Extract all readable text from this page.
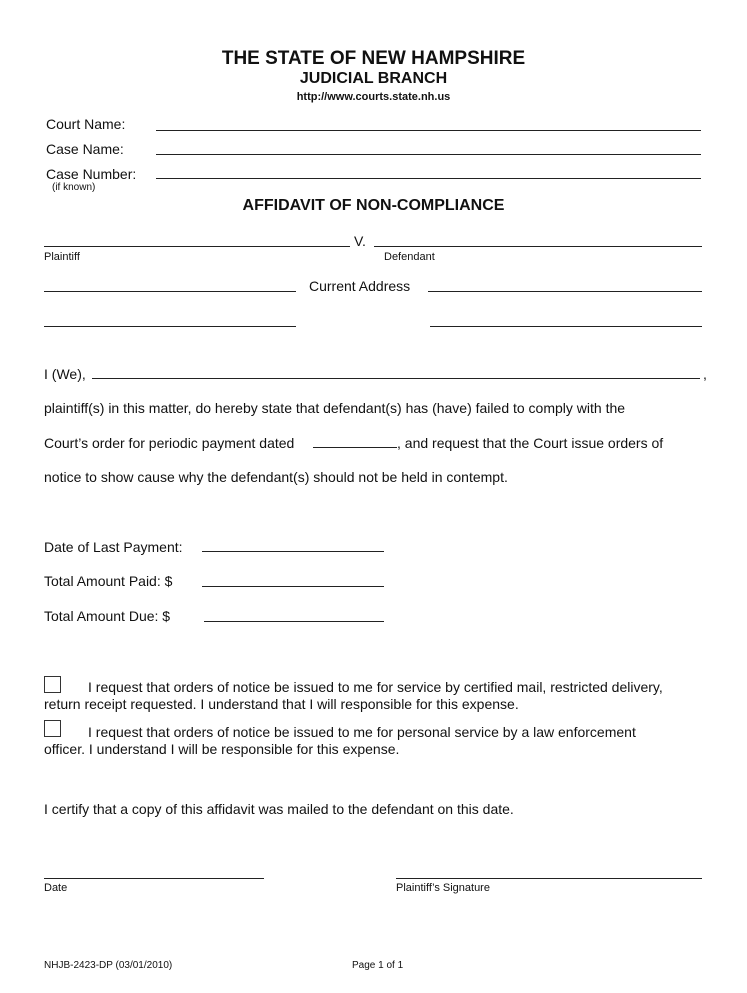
THE STATE OF NEW HAMPSHIRE
JUDICIAL BRANCH
http://www.courts.state.nh.us
Court Name:
Case Name:
Case Number:
(if known)
AFFIDAVIT OF NON-COMPLIANCE
V.
Plaintiff	Defendant
Current Address
I (We),	,
plaintiff(s) in this matter, do hereby state that defendant(s) has (have) failed to comply with the
Court’s order for periodic payment dated	, and request that the Court issue orders of
notice to show cause why the defendant(s) should not be held in contempt.
Date of Last Payment:
Total Amount Paid: $
Total Amount Due: $
I request that orders of notice be issued to me for service by certified mail, restricted delivery,
return receipt requested. I understand that I will responsible for this expense.
I request that orders of notice be issued to me for personal service by a law enforcement
officer. I understand I will be responsible for this expense.
I certify that a copy of this affidavit was mailed to the defendant on this date.
Date	Plaintiff’s Signature
NHJB-2423-DP (03/01/2010)	Page 1 of 1
